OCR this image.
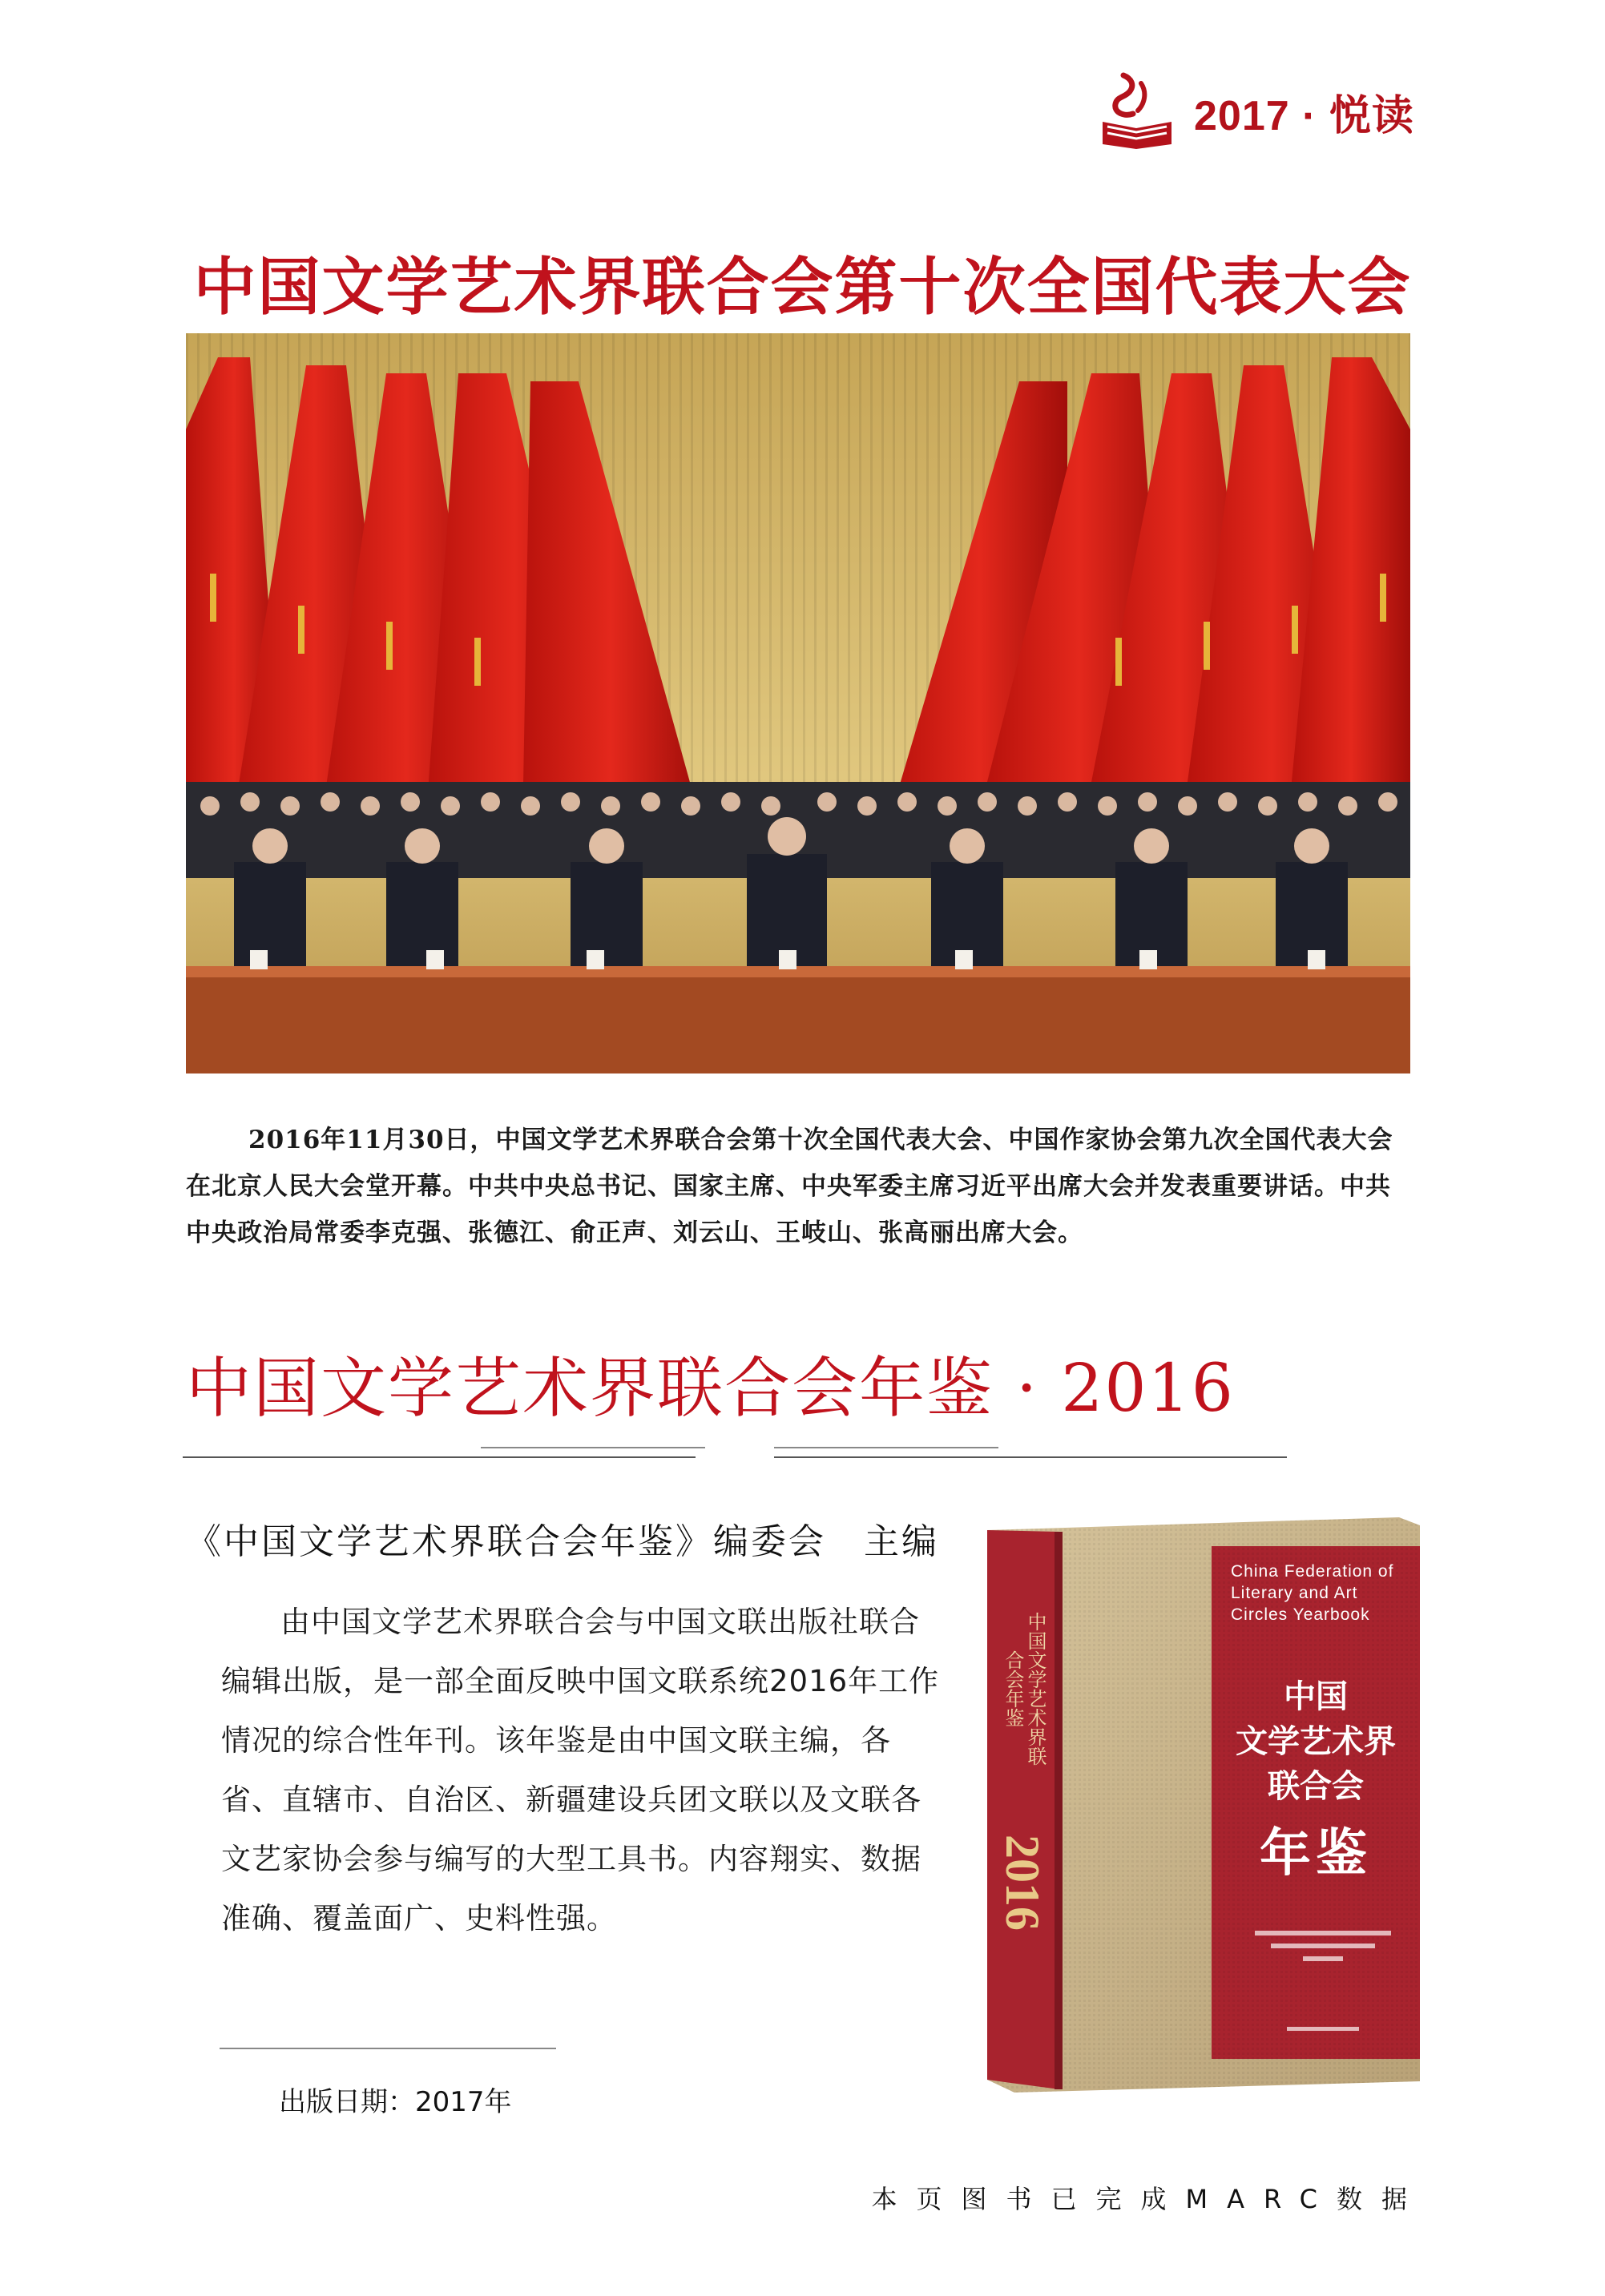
2017 · 悦读
中国文学艺术界联合会第十次全国代表大会
2016年11月30日，中国文学艺术界联合会第十次全国代表大会、中国作家协会第九次全国代表大会在北京人民大会堂开幕。中共中央总书记、国家主席、中央军委主席习近平出席大会并发表重要讲话。中共中央政治局常委李克强、张德江、俞正声、刘云山、王岐山、张高丽出席大会。
中国文学艺术界联合会年鉴 · 2016
《中国文学艺术界联合会年鉴》编委会　主编
由中国文学艺术界联合会与中国文联出版社联合编辑出版，是一部全面反映中国文联系统2016年工作情况的综合性年刊。该年鉴是由中国文联主编，各省、直辖市、自治区、新疆建设兵团文联以及文联各文艺家协会参与编写的大型工具书。内容翔实、数据准确、覆盖面广、史料性强。
出版日期：2017年
China Federation of Literary and Art Circles Yearbook
中国
文学艺术界
联合会
年鉴
中国文学艺术界联合会年鉴
2016
本页图书已完成MARC数据
